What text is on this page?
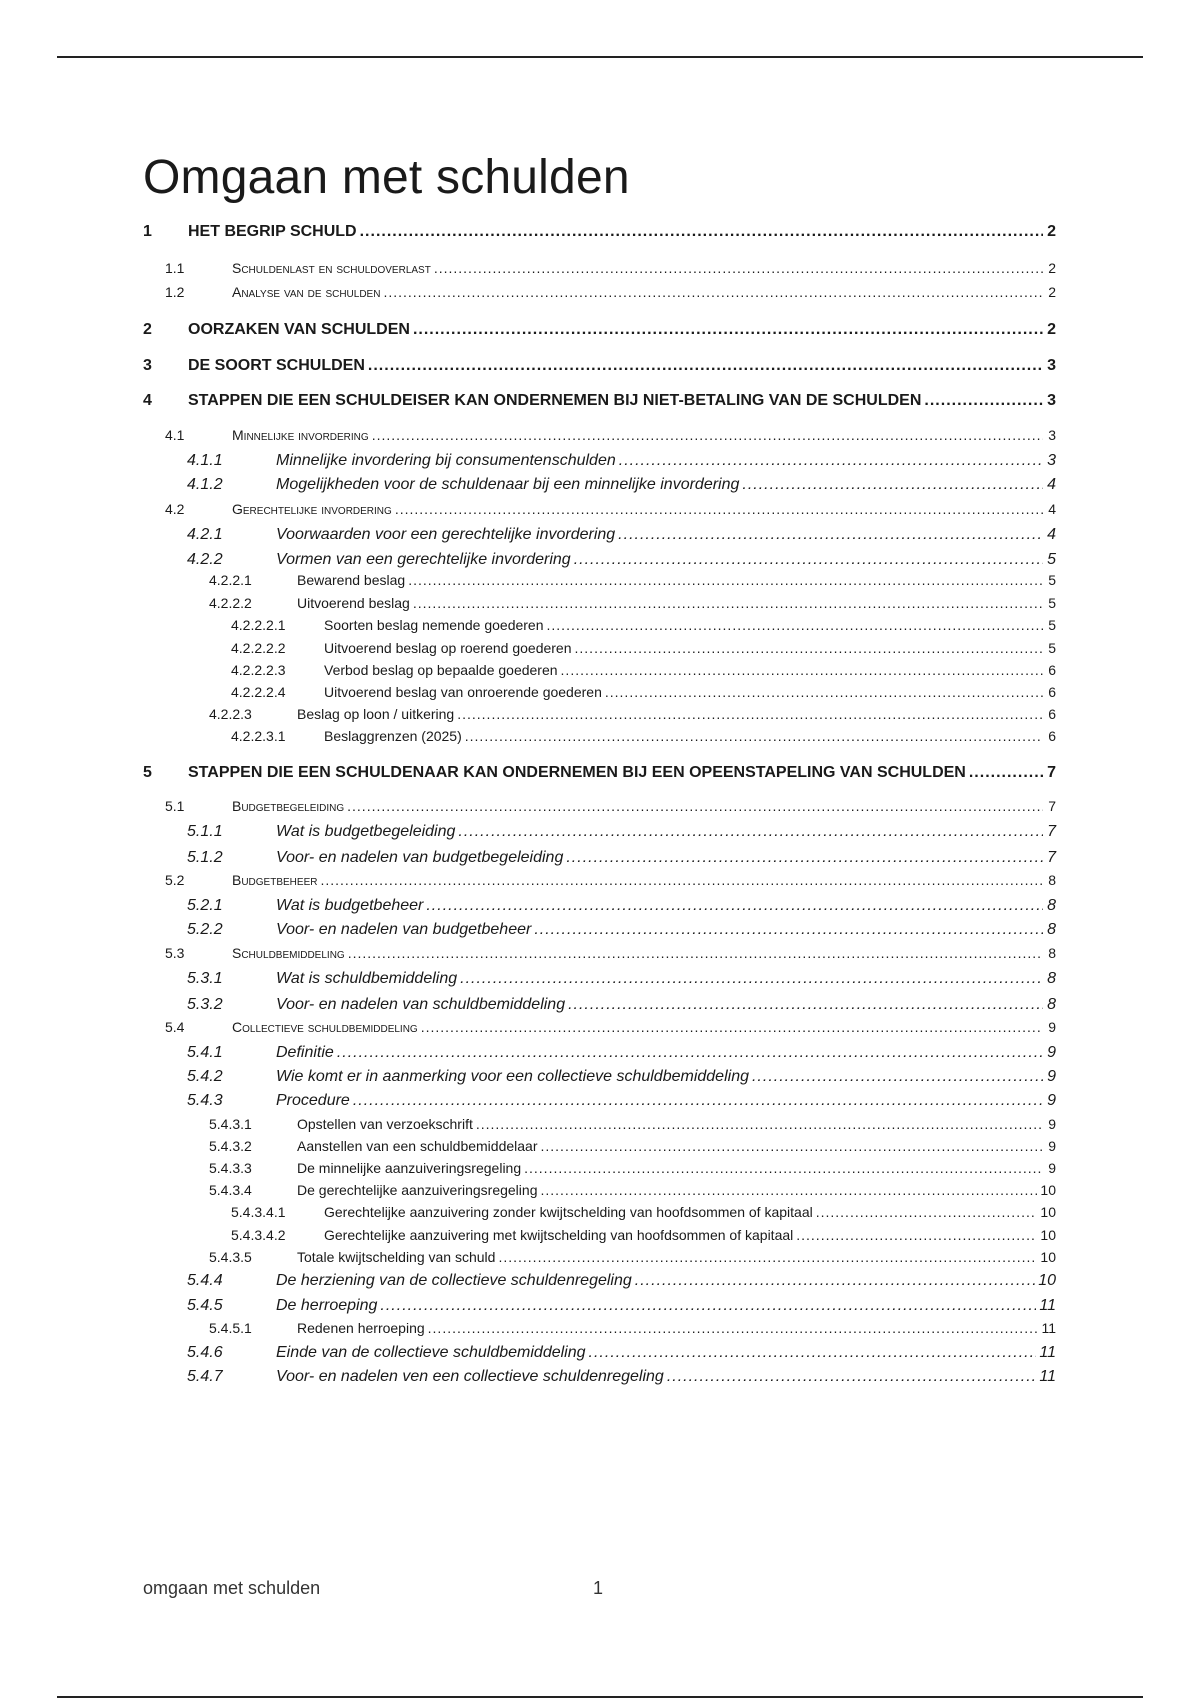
Omgaan met schulden
1	HET BEGRIP SCHULD .....	2
1.1	Schuldenlast en schuldoverlast .....	2
1.2	Analyse van de schulden .....	2
2	OORZAKEN VAN SCHULDEN .....	2
3	DE SOORT SCHULDEN .....	3
4	STAPPEN DIE EEN SCHULDEISER KAN ONDERNEMEN BIJ NIET-BETALING VAN DE SCHULDEN .....	3
4.1	Minnelijke invordering .....	3
4.1.1	Minnelijke invordering bij consumentenschulden .....	3
4.1.2	Mogelijkheden voor de schuldenaar bij een minnelijke invordering .....	4
4.2	Gerechtelijke invordering .....	4
4.2.1	Voorwaarden voor een gerechtelijke invordering .....	4
4.2.2	Vormen van een gerechtelijke invordering .....	5
4.2.2.1	Bewarend beslag .....	5
4.2.2.2	Uitvoerend beslag .....	5
4.2.2.2.1	Soorten beslag nemende goederen .....	5
4.2.2.2.2	Uitvoerend beslag op roerend goederen .....	5
4.2.2.2.3	Verbod beslag op bepaalde goederen .....	6
4.2.2.2.4	Uitvoerend beslag van onroerende goederen .....	6
4.2.2.3	Beslag op loon / uitkering .....	6
4.2.2.3.1	Beslaggrenzen (2025) .....	6
5	STAPPEN DIE EEN SCHULDENAAR KAN ONDERNEMEN BIJ EEN OPEENSTAPELING VAN SCHULDEN .....	7
5.1	Budgetbegeleiding .....	7
5.1.1	Wat is budgetbegeleiding .....	7
5.1.2	Voor- en nadelen van budgetbegeleiding .....	7
5.2	Budgetbeheer .....	8
5.2.1	Wat is budgetbeheer .....	8
5.2.2	Voor- en nadelen van budgetbeheer .....	8
5.3	Schuldbemiddeling .....	8
5.3.1	Wat is schuldbemiddeling .....	8
5.3.2	Voor- en nadelen van schuldbemiddeling .....	8
5.4	Collectieve schuldbemiddeling .....	9
5.4.1	Definitie .....	9
5.4.2	Wie komt er in aanmerking voor een collectieve schuldbemiddeling .....	9
5.4.3	Procedure .....	9
5.4.3.1	Opstellen van verzoekschrift .....	9
5.4.3.2	Aanstellen van een schuldbemiddelaar .....	9
5.4.3.3	De minnelijke aanzuiveringsregeling .....	9
5.4.3.4	De gerechtelijke aanzuiveringsregeling .....	10
5.4.3.4.1	Gerechtelijke aanzuivering zonder kwijtschelding van hoofdsommen of kapitaal .....	10
5.4.3.4.2	Gerechtelijke aanzuivering met kwijtschelding van hoofdsommen of kapitaal .....	10
5.4.3.5	Totale kwijtschelding van schuld .....	10
5.4.4	De herziening van de collectieve schuldenregeling .....	10
5.4.5	De herroeping .....	11
5.4.5.1	Redenen herroeping .....	11
5.4.6	Einde van de collectieve schuldbemiddeling .....	11
5.4.7	Voor- en nadelen ven een collectieve schuldenregeling .....	11
omgaan met schulden	1
